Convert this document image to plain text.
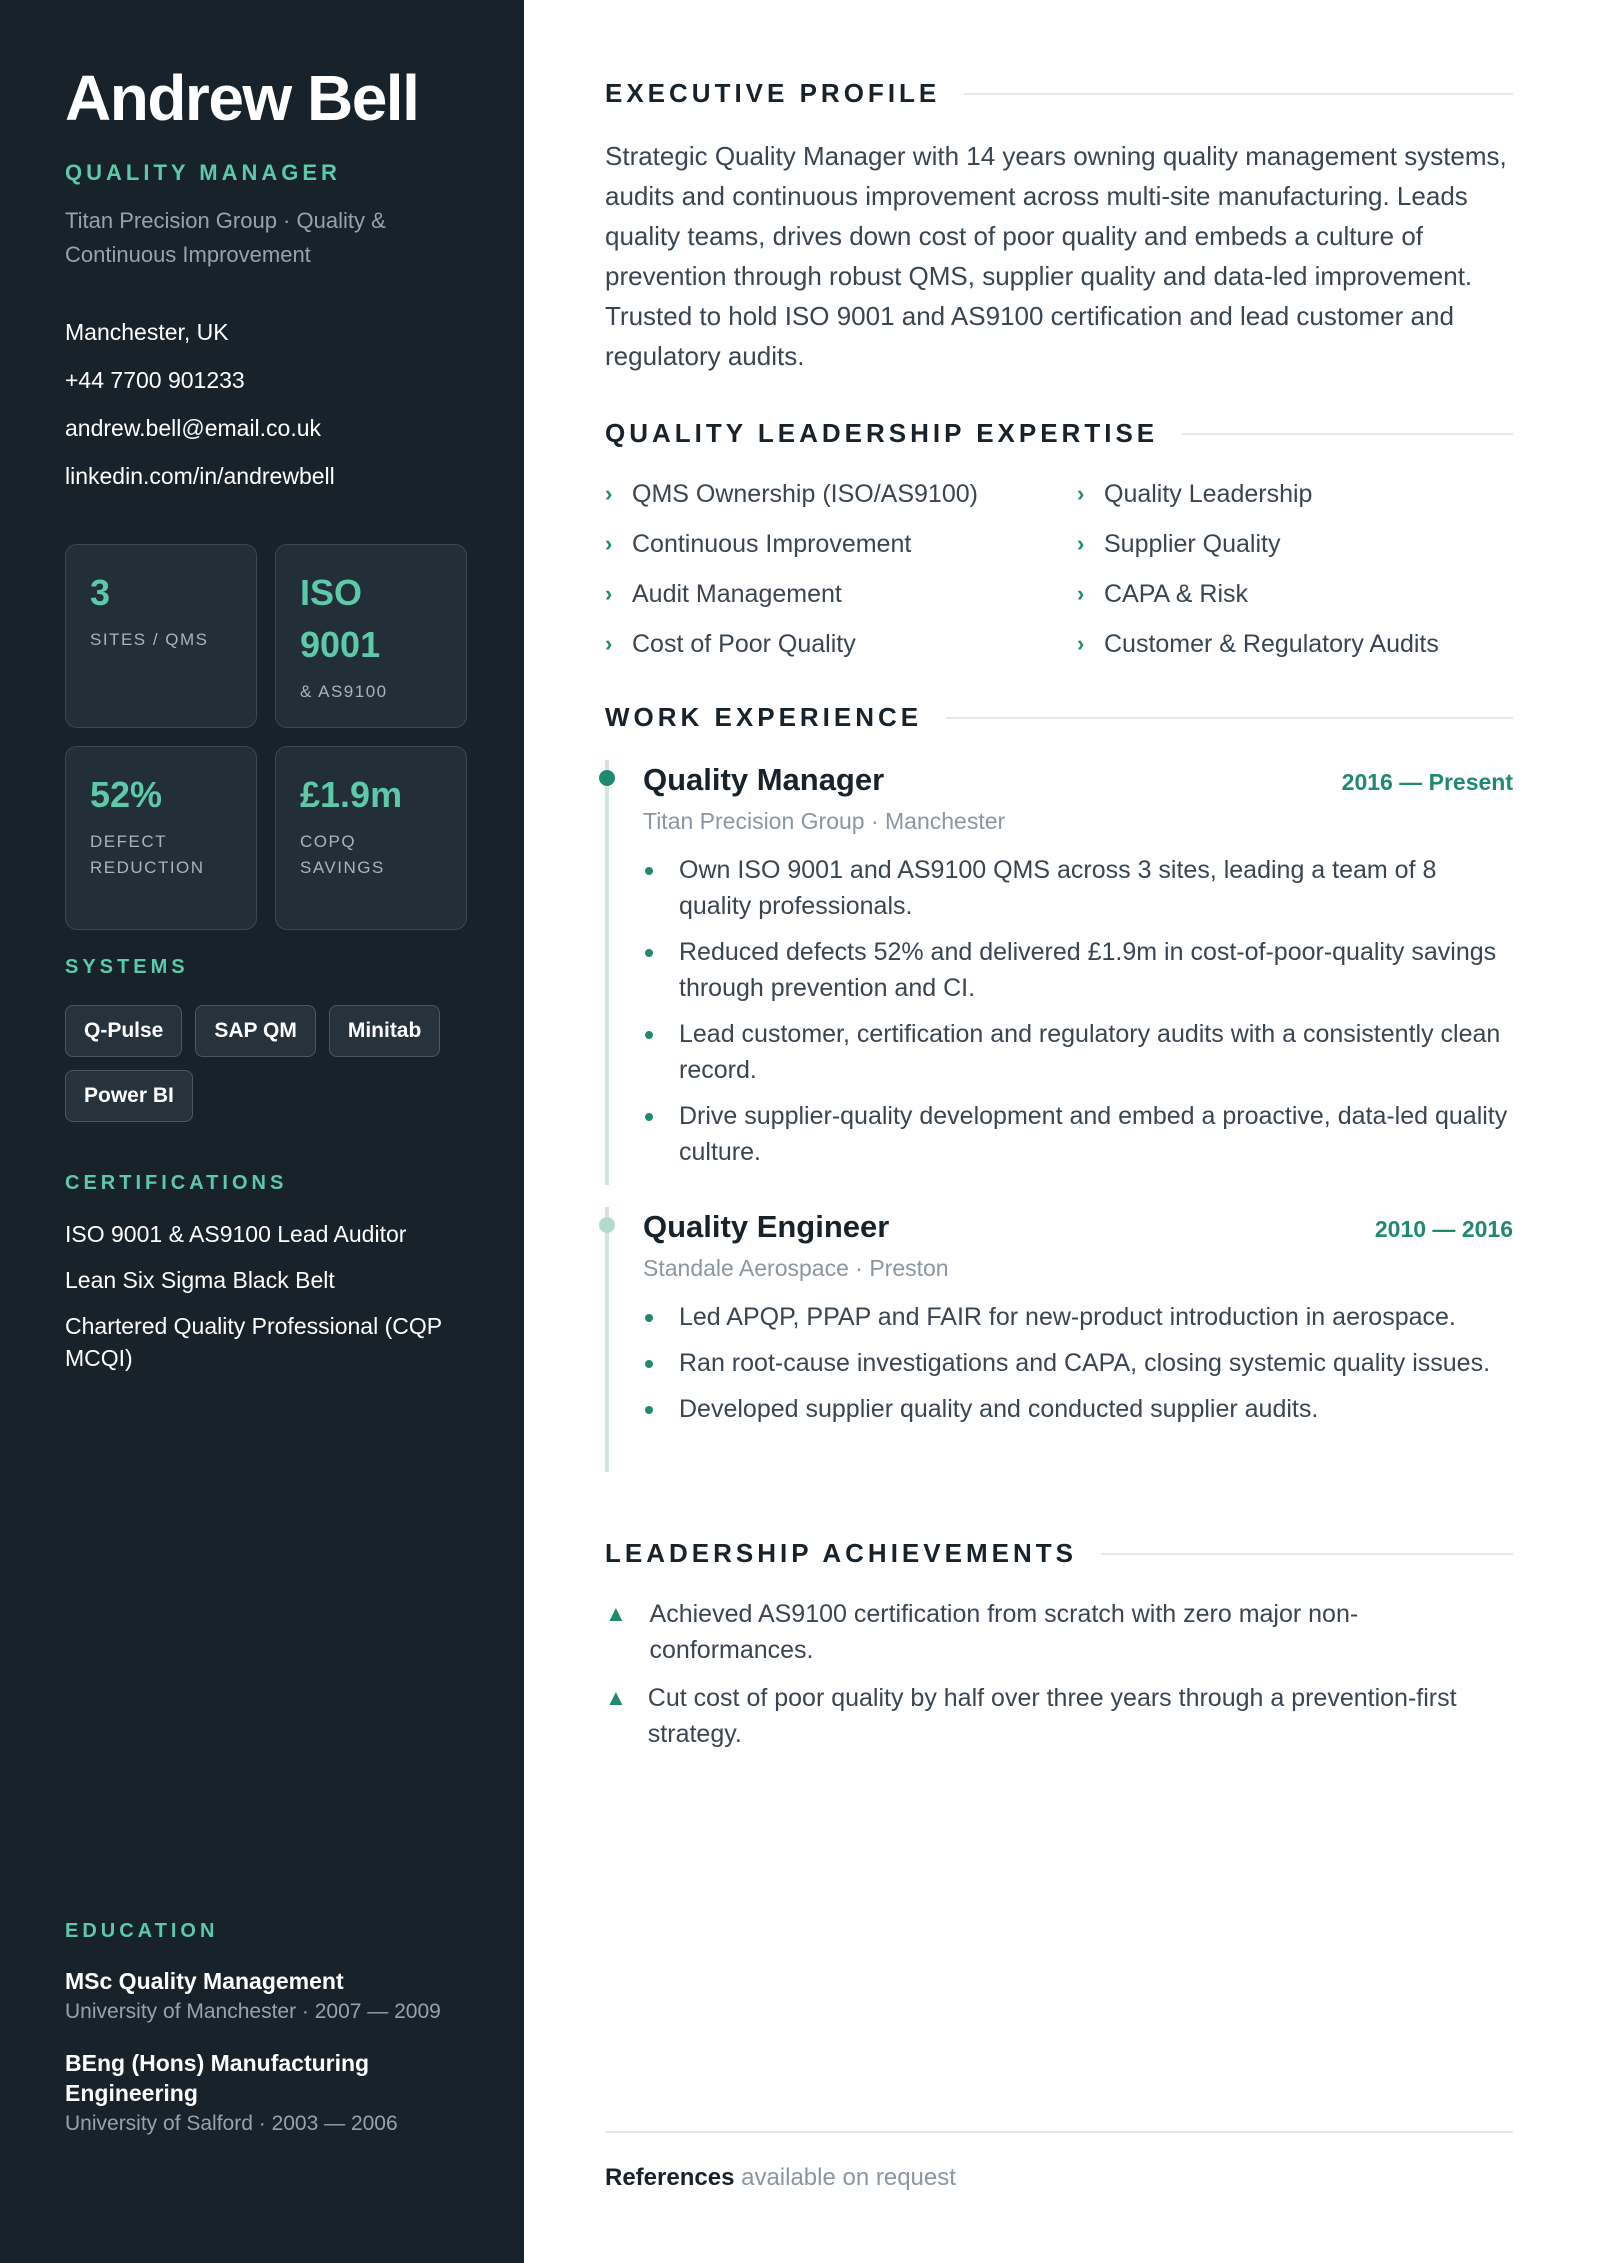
Andrew Bell
QUALITY MANAGER
Titan Precision Group · Quality & Continuous Improvement
Manchester, UK
+44 7700 901233
andrew.bell@email.co.uk
linkedin.com/in/andrewbell
3
SITES / QMS
ISO 9001
& AS9100
52%
DEFECT REDUCTION
£1.9m
COPQ SAVINGS
SYSTEMS
Q-Pulse	SAP QM	Minitab
Power BI
CERTIFICATIONS
ISO 9001 & AS9100 Lead Auditor
Lean Six Sigma Black Belt
Chartered Quality Professional (CQP MCQI)
EDUCATION
MSc Quality Management
University of Manchester · 2007 — 2009
BEng (Hons) Manufacturing Engineering
University of Salford · 2003 — 2006
EXECUTIVE PROFILE

Strategic Quality Manager with 14 years owning quality management systems, audits and continuous improvement across multi-site manufacturing. Leads quality teams, drives down cost of poor quality and embeds a culture of prevention through robust QMS, supplier quality and data-led improvement. Trusted to hold ISO 9001 and AS9100 certification and lead customer and regulatory audits.

QUALITY LEADERSHIP EXPERTISE
› QMS Ownership (ISO/AS9100)	› Quality Leadership
› Continuous Improvement	› Supplier Quality
› Audit Management	› CAPA & Risk
› Cost of Poor Quality	› Customer & Regulatory Audits
WORK EXPERIENCE
Quality Manager	2016 — Present
Titan Precision Group · Manchester
Own ISO 9001 and AS9100 QMS across 3 sites, leading a team of 8 quality professionals.
Reduced defects 52% and delivered £1.9m in cost-of-poor-quality savings through prevention and CI.
Lead customer, certification and regulatory audits with a consistently clean record.
Drive supplier-quality development and embed a proactive, data-led quality culture.
Quality Engineer	2010 — 2016
Standale Aerospace · Preston
Led APQP, PPAP and FAIR for new-product introduction in aerospace.
Ran root-cause investigations and CAPA, closing systemic quality issues.
Developed supplier quality and conducted supplier audits.
LEADERSHIP ACHIEVEMENTS
▲ Achieved AS9100 certification from scratch with zero major non-conformances.
▲ Cut cost of poor quality by half over three years through a prevention-first strategy.
References available on request
